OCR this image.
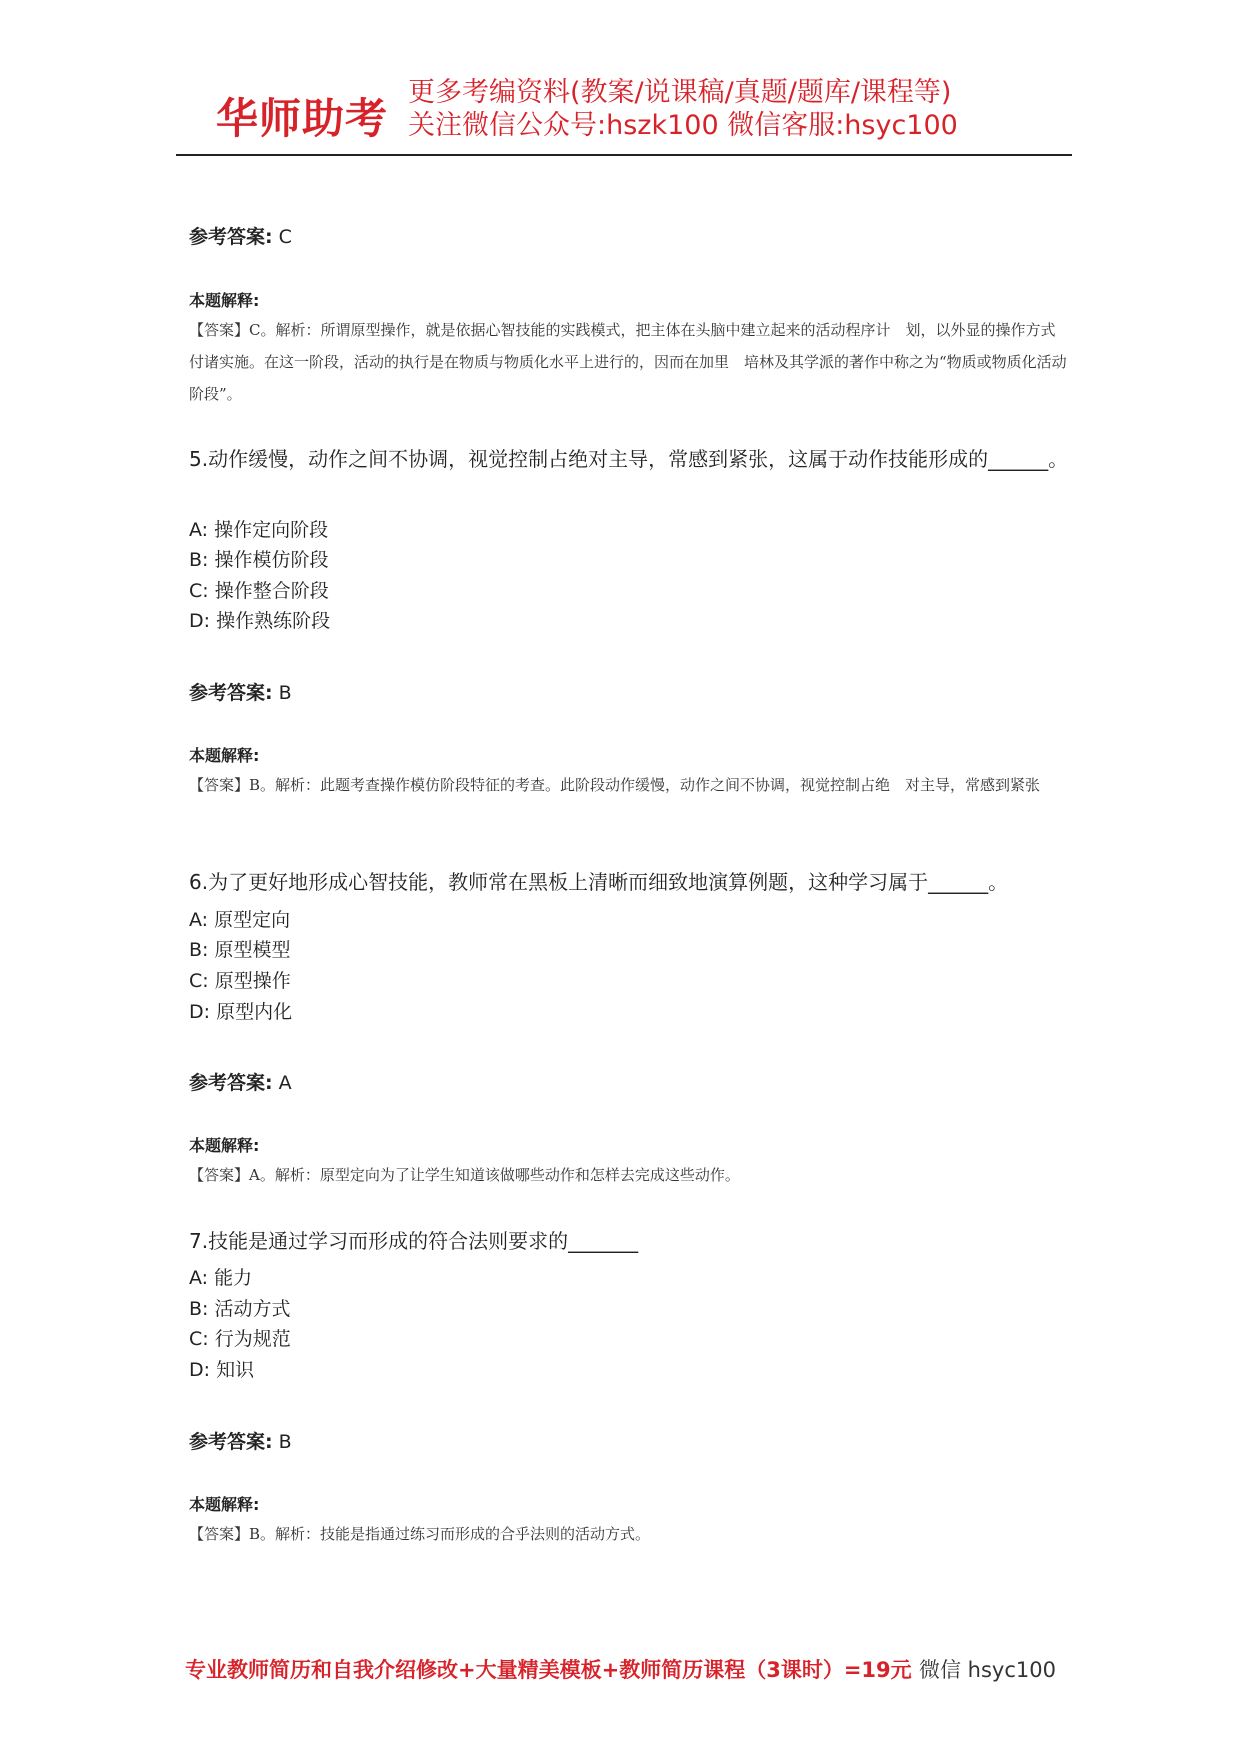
华师助考
更多考编资料(教案/说课稿/真题/题库/课程等)
关注微信公众号:hszk100 微信客服:hsyc100
参考答案: C
本题解释:
【答案】C。解析：所谓原型操作，就是依据心智技能的实践模式，把主体在头脑中建立起来的活动程序计　划，以外显的操作方式付诸实施。在这一阶段，活动的执行是在物质与物质化水平上进行的，因而在加里　培林及其学派的著作中称之为“物质或物质化活动阶段”。
5.动作缓慢，动作之间不协调，视觉控制占绝对主导，常感到紧张，这属于动作技能形成的______。
A: 操作定向阶段
B: 操作模仿阶段
C: 操作整合阶段
D: 操作熟练阶段
参考答案: B
本题解释:
【答案】B。解析：此题考查操作模仿阶段特征的考查。此阶段动作缓慢，动作之间不协调，视觉控制占绝　对主导，常感到紧张
6.为了更好地形成心智技能，教师常在黑板上清晰而细致地演算例题，这种学习属于______。
A: 原型定向
B: 原型模型
C: 原型操作
D: 原型内化
参考答案: A
本题解释:
【答案】A。解析：原型定向为了让学生知道该做哪些动作和怎样去完成这些动作。
7.技能是通过学习而形成的符合法则要求的_______
A: 能力
B: 活动方式
C: 行为规范
D: 知识
参考答案: B
本题解释:
【答案】B。解析：技能是指通过练习而形成的合乎法则的活动方式。
专业教师简历和自我介绍修改+大量精美模板+教师简历课程（3课时）=19元 微信 hsyc100
